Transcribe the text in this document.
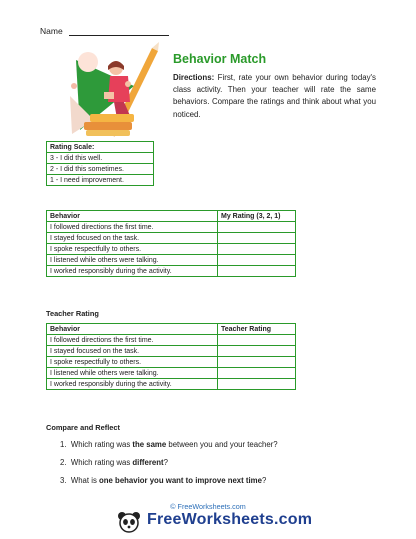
Name
Behavior Match
Directions: First, rate your own behavior during today's class activity. Then your teacher will rate the same behaviors. Compare the ratings and think about what you noticed.
Rating Scale:
3 - I did this well.
2 - I did this sometimes.
1 - I need improvement.
Behavior	My Rating (3, 2, 1)
I followed directions the first time.	
I stayed focused on the task.	
I spoke respectfully to others.	
I listened while others were talking.	
I worked responsibly during the activity.	
Teacher Rating
Behavior	Teacher Rating
I followed directions the first time.	
I stayed focused on the task.	
I spoke respectfully to others.	
I listened while others were talking.	
I worked responsibly during the activity.	
Compare and Reflect
1. Which rating was the same between you and your teacher?
2. Which rating was different?
3. What is one behavior you want to improve next time?
© FreeWorksheets.com
FreeWorksheets.com
